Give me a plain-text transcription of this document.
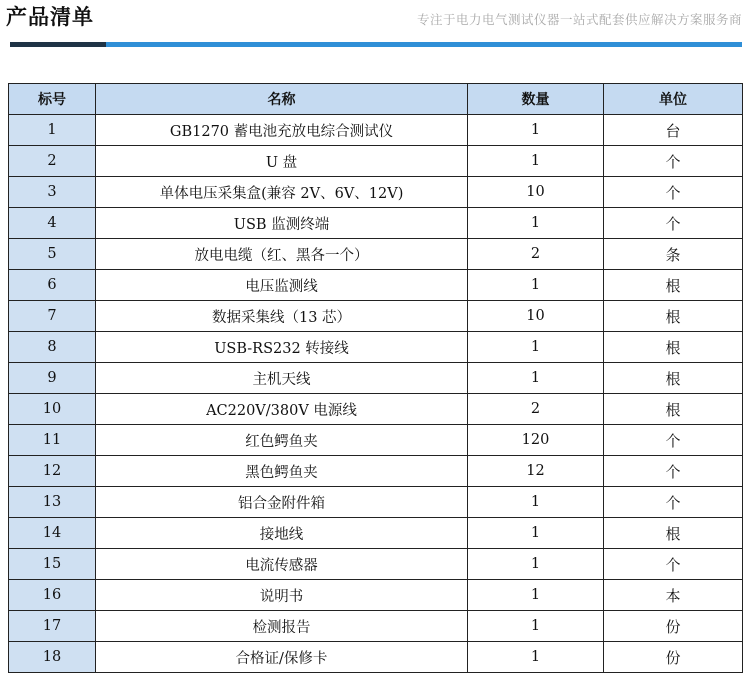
产品清单	专注于电力电气测试仪器一站式配套供应解决方案服务商
标号	名称	数量	单位
1	GB1270 蓄电池充放电综合测试仪	1	台
2	U 盘	1	个
3	单体电压采集盒(兼容 2V、6V、12V)	10	个
4	USB 监测终端	1	个
5	放电电缆（红、黑各一个）	2	条
6	电压监测线	1	根
7	数据采集线（13 芯）	10	根
8	USB-RS232 转接线	1	根
9	主机天线	1	根
10	AC220V/380V 电源线	2	根
11	红色鳄鱼夹	120	个
12	黑色鳄鱼夹	12	个
13	铝合金附件箱	1	个
14	接地线	1	根
15	电流传感器	1	个
16	说明书	1	本
17	检测报告	1	份
18	合格证/保修卡	1	份
